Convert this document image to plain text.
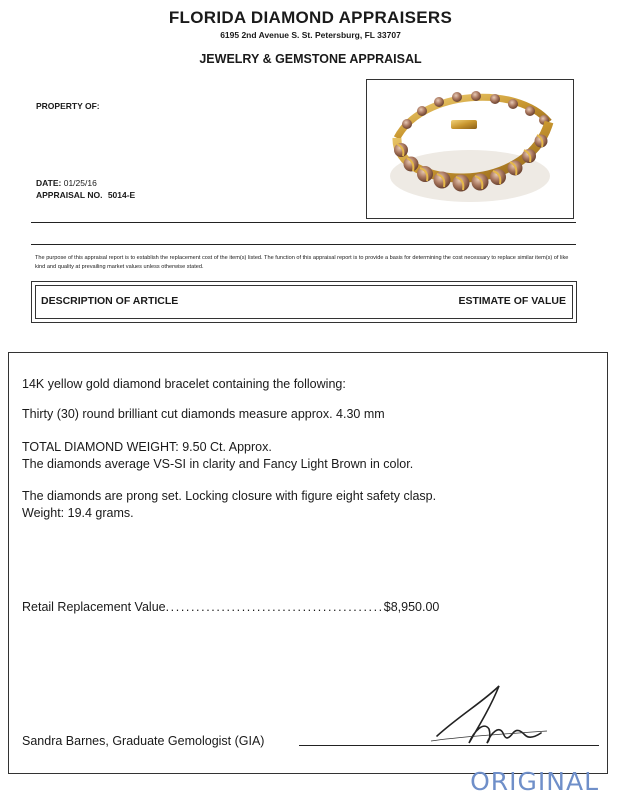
FLORIDA DIAMOND APPRAISERS
6195 2nd Avenue S. St. Petersburg, FL 33707
JEWELRY & GEMSTONE APPRAISAL
PROPERTY OF:
DATE: 01/25/16
APPRAISAL NO. 5014-E
The purpose of this appraisal report is to establish the replacement cost of the item(s) listed. The function of this appraisal report is to provide a basis for determining the cost necessary to replace similar item(s) of like kind and quality at prevailing market values unless otherwise stated.
DESCRIPTION OF ARTICLE	ESTIMATE OF VALUE
14K yellow gold diamond bracelet containing the following:
Thirty (30) round brilliant cut diamonds measure approx. 4.30 mm
TOTAL DIAMOND WEIGHT: 9.50 Ct. Approx.
The diamonds average VS-SI in clarity and Fancy Light Brown in color.
The diamonds are prong set. Locking closure with figure eight safety clasp.
Weight: 19.4 grams.
Retail Replacement Value...........................................$8,950.00
Sandra Barnes, Graduate Gemologist (GIA)
ORIGINAL
